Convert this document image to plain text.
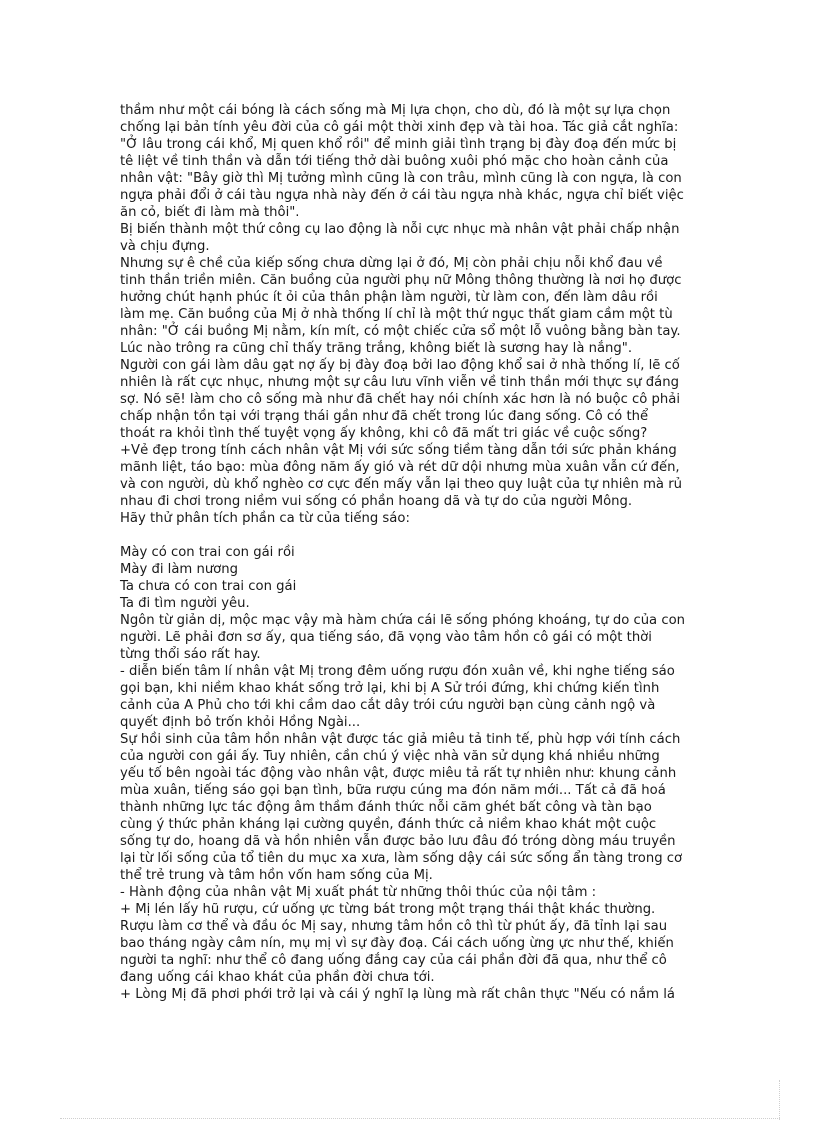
thầm như một cái bóng là cách sống mà Mị lựa chọn, cho dù, đó là một sự lựa chọn

chống lại bản tính yêu đời của cô gái một thời xinh đẹp và tài hoa. Tác giả cắt nghĩa:

"Ở lâu trong cái khổ, Mị quen khổ rồi" để minh giải tình trạng bị đày đoạ đến mức bị

tê liệt về tinh thần và dẫn tới tiếng thở dài buông xuôi phó mặc cho hoàn cảnh của

nhân vật: "Bây giờ thì Mị tưởng mình cũng là con trâu, mình cũng là con ngựa, là con

ngựa phải đổi ở cái tàu ngựa nhà này đến ở cái tàu ngựa nhà khác, ngựa chỉ biết việc

ăn cỏ, biết đi làm mà thôi".

Bị biến thành một thứ công cụ lao động là nỗi cực nhục mà nhân vật phải chấp nhận

và chịu đựng.

Nhưng sự ê chề của kiếp sống chưa dừng lại ở đó, Mị còn phải chịu nỗi khổ đau về

tinh thần triền miên. Căn buồng của người phụ nữ Mông thông thường là nơi họ được

hưởng chút hạnh phúc ít ỏi của thân phận làm người, từ làm con, đến làm dâu rồi

làm mẹ. Căn buồng của Mị ở nhà thống lí chỉ là một thứ ngục thất giam cầm một tù

nhân: "Ở cái buồng Mị nằm, kín mít, có một chiếc cửa sổ một lỗ vuông bằng bàn tay.

Lúc nào trông ra cũng chỉ thấy trăng trắng, không biết là sương hay là nắng".

Người con gái làm dâu gạt nợ ấy bị đày đoạ bởi lao động khổ sai ở nhà thống lí, lẽ cố

nhiên là rất cực nhục, nhưng một sự câu lưu vĩnh viễn về tinh thần mới thực sự đáng

sợ. Nó sẽ! làm cho cô sống mà như đã chết hay nói chính xác hơn là nó buộc cô phải

chấp nhận tồn tại với trạng thái gần như đã chết trong lúc đang sống. Cô có thể

thoát ra khỏi tình thế tuyệt vọng ấy không, khi cô đã mất tri giác về cuộc sống?

+Vẻ đẹp trong tính cách nhân vật Mị với sức sống tiềm tàng dẫn tới sức phản kháng

mãnh liệt, táo bạo: mùa đông năm ấy gió và rét dữ dội nhưng mùa xuân vẫn cứ đến,

và con người, dù khổ nghèo cơ cực đến mấy vẫn lại theo quy luật của tự nhiên mà rủ

nhau đi chơi trong niềm vui sống có phần hoang dã và tự do của người Mông.

Hãy thử phân tích phần ca từ của tiếng sáo:

Mày có con trai con gái rồi

Mày đi làm nương

Ta chưa có con trai con gái

Ta đi tìm người yêu.

Ngôn từ giản dị, mộc mạc vậy mà hàm chứa cái lẽ sống phóng khoáng, tự do của con

người. Lẽ phải đơn sơ ấy, qua tiếng sáo, đã vọng vào tâm hồn cô gái có một thời

từng thổi sáo rất hay.

- diễn biến tâm lí nhân vật Mị trong đêm uống rượu đón xuân về, khi nghe tiếng sáo

gọi bạn, khi niềm khao khát sống trở lại, khi bị A Sử trói đứng, khi chứng kiến tình

cảnh của A Phủ cho tới khi cầm dao cắt dây trói cứu người bạn cùng cảnh ngộ và

quyết định bỏ trốn khỏi Hồng Ngài...

Sự hồi sinh của tâm hồn nhân vật được tác giả miêu tả tinh tế, phù hợp với tính cách

của người con gái ấy. Tuy nhiên, cần chú ý việc nhà văn sử dụng khá nhiều những

yếu tố bên ngoài tác động vào nhân vật, được miêu tả rất tự nhiên như: khung cảnh

mùa xuân, tiếng sáo gọi bạn tình, bữa rượu cúng ma đón năm mới... Tất cả đã hoá

thành những lực tác động âm thầm đánh thức nỗi căm ghét bất công và tàn bạo

cùng ý thức phản kháng lại cường quyền, đánh thức cả niềm khao khát một cuộc

sống tự do, hoang dã và hồn nhiên vẫn được bảo lưu đâu đó tróng dòng máu truyền

lại từ lối sống của tổ tiên du mục xa xưa, làm sống dậy cái sức sống ẩn tàng trong cơ

thể trẻ trung và tâm hồn vốn ham sống của Mị.

- Hành động của nhân vật Mị xuất phát từ những thôi thúc của nội tâm :

+ Mị lén lấy hũ rượu, cứ uống ực từng bát trong một trạng thái thật khác thường.

Rượu làm cơ thể và đầu óc Mị say, nhưng tâm hồn cô thì từ phút ấy, đã tỉnh lại sau

bao tháng ngày câm nín, mụ mị vì sự đày đoạ. Cái cách uống ừng ực như thế, khiến

người ta nghĩ: như thể cô đang uống đắng cay của cái phần đời đã qua, như thể cô

đang uống cái khao khát của phần đời chưa tới.

+ Lòng Mị đã phơi phới trở lại và cái ý nghĩ lạ lùng mà rất chân thực "Nếu có nắm lá
